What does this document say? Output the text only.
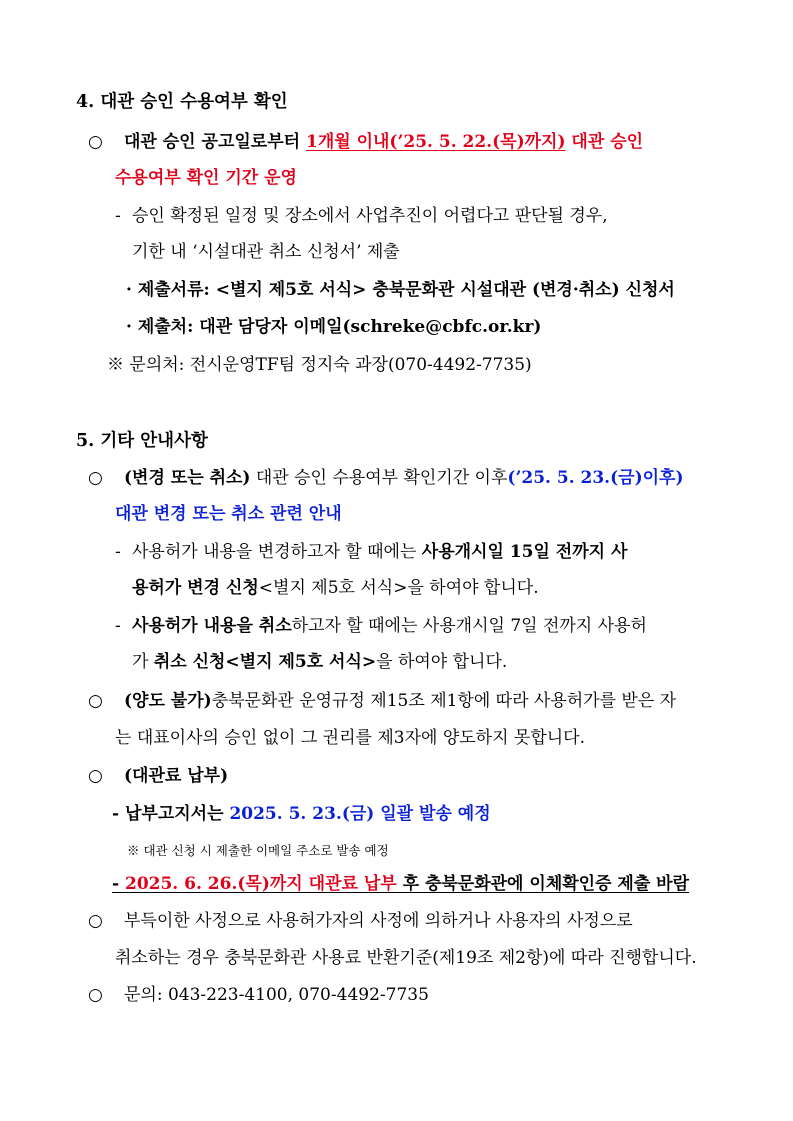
4. 대관 승인 수용여부 확인
○ 대관 승인 공고일로부터 1개월 이내(’25. 5. 22.(목)까지) 대관 승인
수용여부 확인 기간 운영
- 승인 확정된 일정 및 장소에서 사업추진이 어렵다고 판단될 경우,
기한 내 ‘시설대관 취소 신청서’ 제출
· 제출서류: <별지 제5호 서식> 충북문화관 시설대관 (변경·취소) 신청서
· 제출처: 대관 담당자 이메일(schreke@cbfc.or.kr)
※ 문의처: 전시운영TF팀 정지숙 과장(070-4492-7735)
5. 기타 안내사항
○ (변경 또는 취소) 대관 승인 수용여부 확인기간 이후(’25. 5. 23.(금)이후)
대관 변경 또는 취소 관련 안내
- 사용허가 내용을 변경하고자 할 때에는 사용개시일 15일 전까지 사
용허가 변경 신청<별지 제5호 서식>을 하여야 합니다.
- 사용허가 내용을 취소하고자 할 때에는 사용개시일 7일 전까지 사용허
가 취소 신청<별지 제5호 서식>을 하여야 합니다.
○ (양도 불가)충북문화관 운영규정 제15조 제1항에 따라 사용허가를 받은 자
는 대표이사의 승인 없이 그 권리를 제3자에 양도하지 못합니다.
○ (대관료 납부)
- 납부고지서는 2025. 5. 23.(금) 일괄 발송 예정
※ 대관 신청 시 제출한 이메일 주소로 발송 예정
- 2025. 6. 26.(목)까지 대관료 납부 후 충북문화관에 이체확인증 제출 바람
○ 부득이한 사정으로 사용허가자의 사정에 의하거나 사용자의 사정으로
취소하는 경우 충북문화관 사용료 반환기준(제19조 제2항)에 따라 진행합니다.
○ 문의: 043-223-4100, 070-4492-7735
